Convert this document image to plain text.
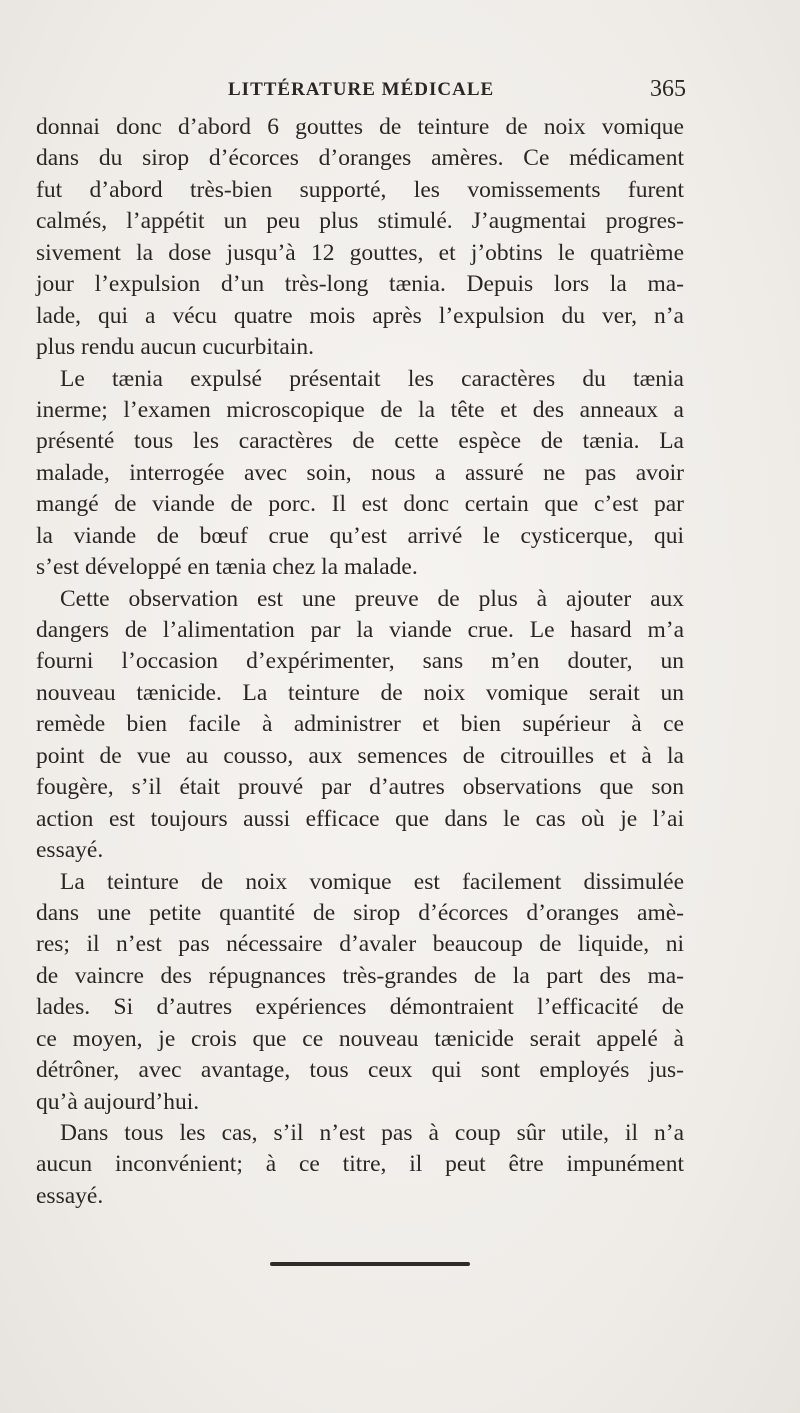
LITTÉRATURE MÉDICALE	365
donnai donc d’abord 6 gouttes de teinture de noix vomique
dans du sirop d’écorces d’oranges amères. Ce médicament
fut d’abord très-bien supporté, les vomissements furent
calmés, l’appétit un peu plus stimulé. J’augmentai progres-
sivement la dose jusqu’à 12 gouttes, et j’obtins le quatrième
jour l’expulsion d’un très-long tænia. Depuis lors la ma-
lade, qui a vécu quatre mois après l’expulsion du ver, n’a
plus rendu aucun cucurbitain.
Le tænia expulsé présentait les caractères du tænia
inerme; l’examen microscopique de la tête et des anneaux a
présenté tous les caractères de cette espèce de tænia. La
malade, interrogée avec soin, nous a assuré ne pas avoir
mangé de viande de porc. Il est donc certain que c’est par
la viande de bœuf crue qu’est arrivé le cysticerque, qui
s’est développé en tænia chez la malade.
Cette observation est une preuve de plus à ajouter aux
dangers de l’alimentation par la viande crue. Le hasard m’a
fourni l’occasion d’expérimenter, sans m’en douter, un
nouveau tænicide. La teinture de noix vomique serait un
remède bien facile à administrer et bien supérieur à ce
point de vue au cousso, aux semences de citrouilles et à la
fougère, s’il était prouvé par d’autres observations que son
action est toujours aussi efficace que dans le cas où je l’ai
essayé.
La teinture de noix vomique est facilement dissimulée
dans une petite quantité de sirop d’écorces d’oranges amè-
res; il n’est pas nécessaire d’avaler beaucoup de liquide, ni
de vaincre des répugnances très-grandes de la part des ma-
lades. Si d’autres expériences démontraient l’efficacité de
ce moyen, je crois que ce nouveau tænicide serait appelé à
détrôner, avec avantage, tous ceux qui sont employés jus-
qu’à aujourd’hui.
Dans tous les cas, s’il n’est pas à coup sûr utile, il n’a
aucun inconvénient; à ce titre, il peut être impunément
essayé.
